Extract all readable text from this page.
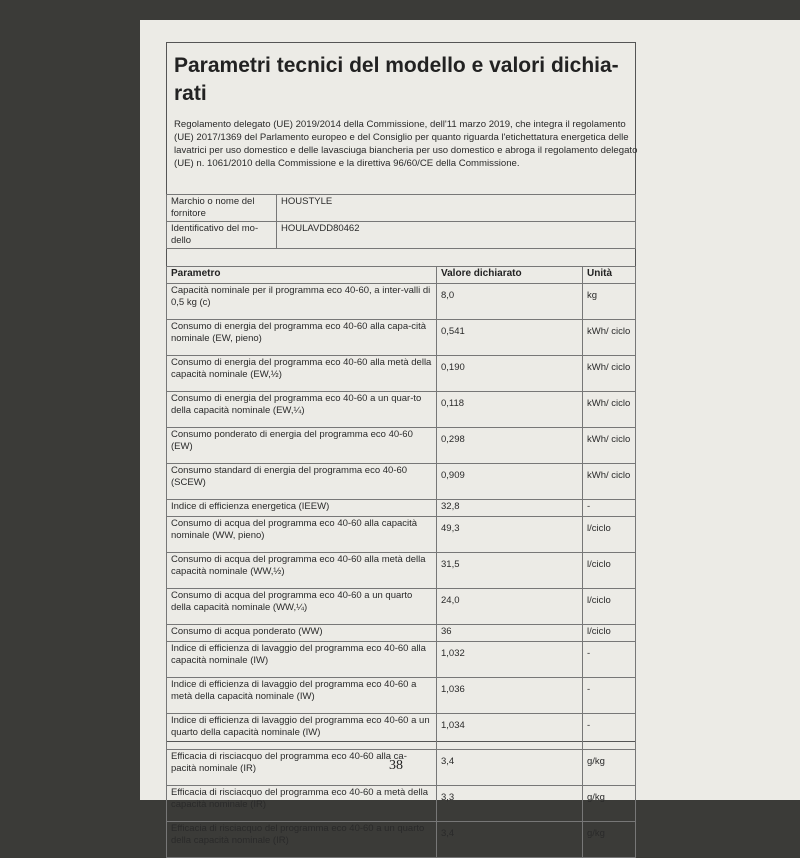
Parametri tecnici del modello e valori dichia-rati
Regolamento delegato (UE) 2019/2014 della Commissione, dell'11 marzo 2019, che integra il regolamento (UE) 2017/1369 del Parlamento europeo e del Consiglio per quanto riguarda l'etichettatura energetica delle lavatrici per uso domestico e delle lavasciuga biancheria per uso domestico e abroga il regolamento delegato (UE) n. 1061/2010 della Commissione e la direttiva 96/60/CE della Commissione.
Marchio o nome del fornitore	HOUSTYLE
Identificativo del mo-dello	HOULAVDD80462
Parametro	Valore dichiarato	Unità
Capacità nominale per il programma eco 40-60, a inter-valli di 0,5 kg (c)	8,0	kg
Consumo di energia del programma eco 40-60 alla capa-cità nominale (EW, pieno)	0,541	kWh/ ciclo
Consumo di energia del programma eco 40-60 alla metà della capacità nominale (EW,½)	0,190	kWh/ ciclo
Consumo di energia del programma eco 40-60 a un quar-to della capacità nominale (EW,¼)	0,118	kWh/ ciclo
Consumo ponderato di energia del programma eco 40-60 (EW)	0,298	kWh/ ciclo
Consumo standard di energia del programma eco 40-60 (SCEW)	0,909	kWh/ ciclo
Indice di efficienza energetica (IEEW)	32,8	-
Consumo di acqua del programma eco 40-60 alla capacità nominale (WW, pieno)	49,3	l/ciclo
Consumo di acqua del programma eco 40-60 alla metà della capacità nominale (WW,½)	31,5	l/ciclo
Consumo di acqua del programma eco 40-60 a un quarto della capacità nominale (WW,¼)	24,0	l/ciclo
Consumo di acqua ponderato (WW)	36	l/ciclo
Indice di efficienza di lavaggio del programma eco 40-60 alla capacità nominale (IW)	1,032	-
Indice di efficienza di lavaggio del programma eco 40-60 a metà della capacità nominale (IW)	1,036	-
Indice di efficienza di lavaggio del programma eco 40-60 a un quarto della capacità nominale (IW)	1,034	-
Efficacia di risciacquo del programma eco 40-60 alla ca-pacità nominale (IR)	3,4	g/kg
Efficacia di risciacquo del programma eco 40-60 a metà della capacità nominale (IR)	3,3	g/kg
Efficacia di risciacquo del programma eco 40-60 a un quarto della capacità nominale (IR)	3,4	g/kg
38
